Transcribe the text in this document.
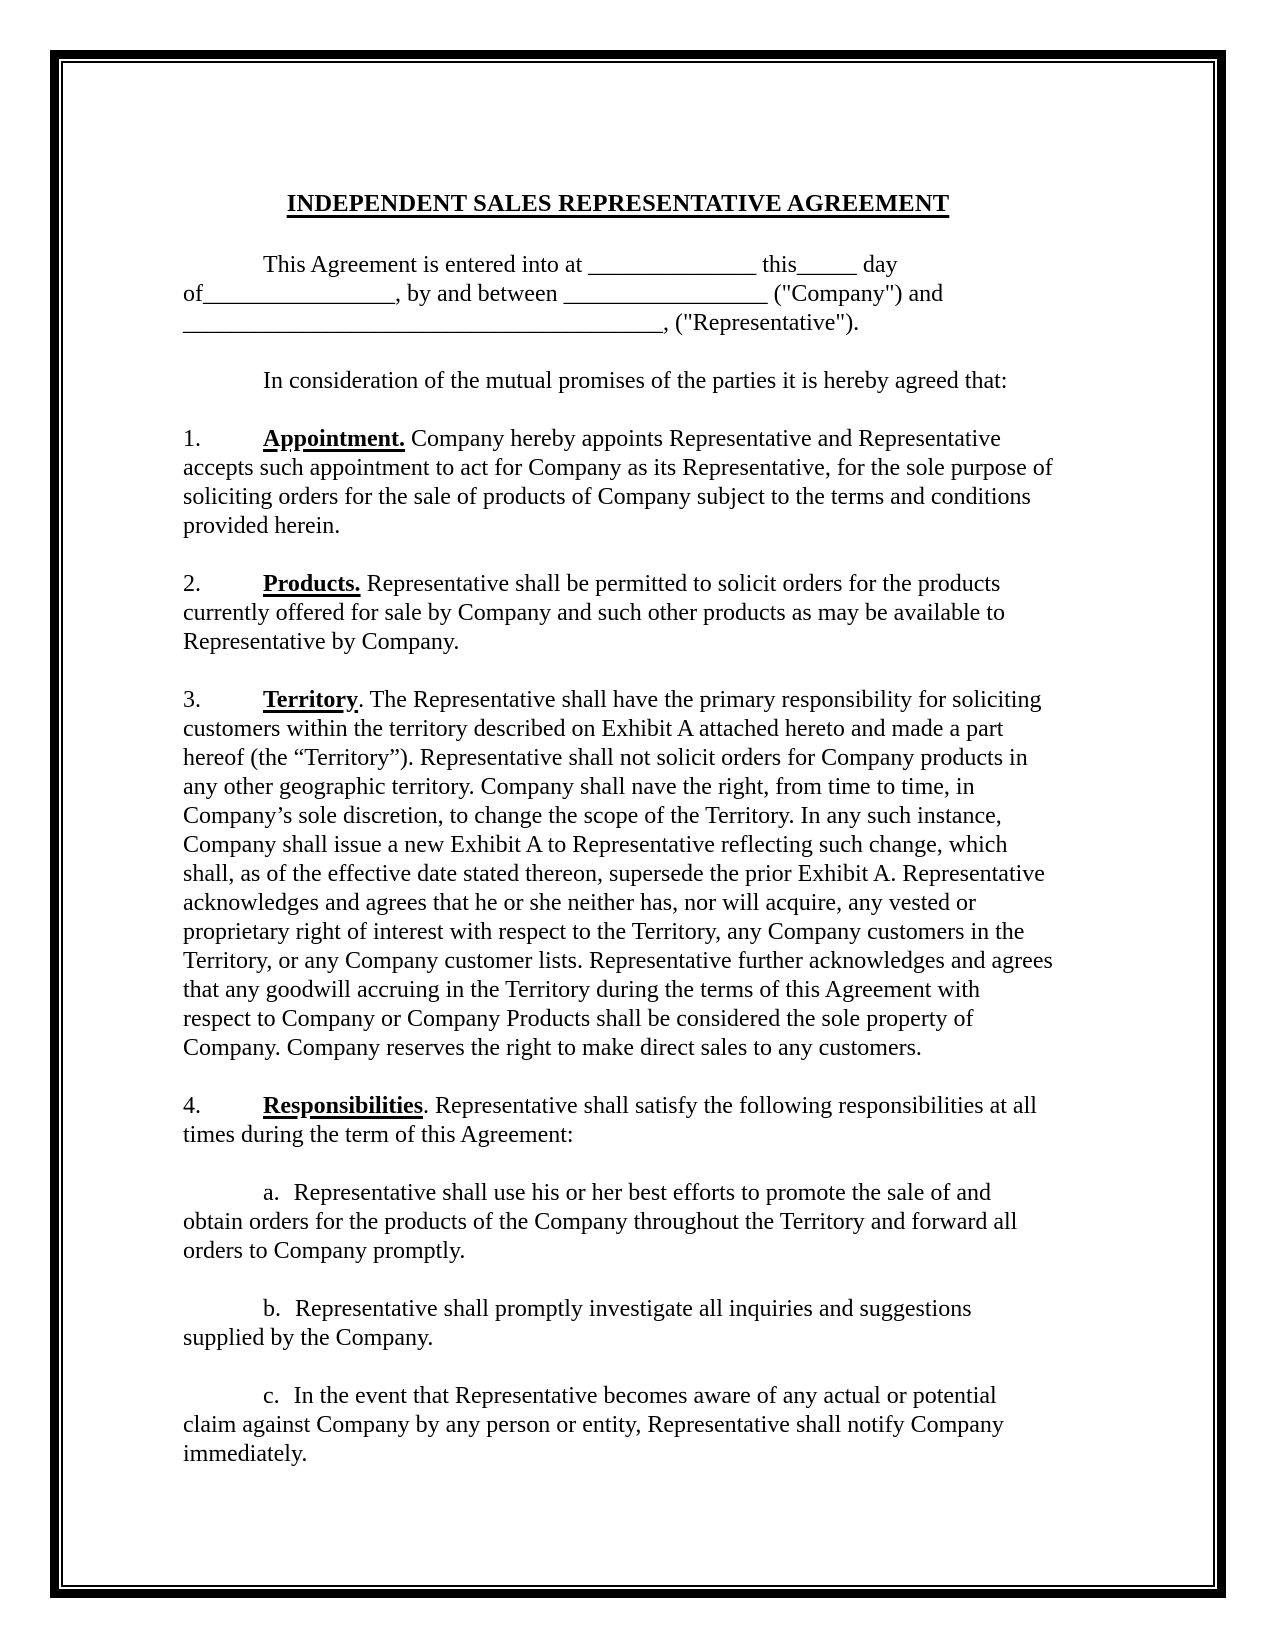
INDEPENDENT SALES REPRESENTATIVE AGREEMENT
This Agreement is entered into at ______________ this_____ day
of________________, by and between _________________ ("Company") and
________________________________________, ("Representative").

In consideration of the mutual promises of the parties it is hereby agreed that:

1.	Appointment. Company hereby appoints Representative and Representative accepts such appointment to act for Company as its Representative, for the sole purpose of soliciting orders for the sale of products of Company subject to the terms and conditions provided herein.

2.	Products. Representative shall be permitted to solicit orders for the products currently offered for sale by Company and such other products as may be available to Representative by Company.

3.	Territory. The Representative shall have the primary responsibility for soliciting customers within the territory described on Exhibit A attached hereto and made a part hereof (the “Territory”). Representative shall not solicit orders for Company products in any other geographic territory. Company shall nave the right, from time to time, in Company’s sole discretion, to change the scope of the Territory. In any such instance, Company shall issue a new Exhibit A to Representative reflecting such change, which shall, as of the effective date stated thereon, supersede the prior Exhibit A. Representative acknowledges and agrees that he or she neither has, nor will acquire, any vested or proprietary right of interest with respect to the Territory, any Company customers in the Territory, or any Company customer lists. Representative further acknowledges and agrees that any goodwill accruing in the Territory during the terms of this Agreement with respect to Company or Company Products shall be considered the sole property of Company. Company reserves the right to make direct sales to any customers.

4.	Responsibilities. Representative shall satisfy the following responsibilities at all times during the term of this Agreement:

a. Representative shall use his or her best efforts to promote the sale of and obtain orders for the products of the Company throughout the Territory and forward all orders to Company promptly.

b. Representative shall promptly investigate all inquiries and suggestions supplied by the Company.

c. In the event that Representative becomes aware of any actual or potential claim against Company by any person or entity, Representative shall notify Company immediately.
